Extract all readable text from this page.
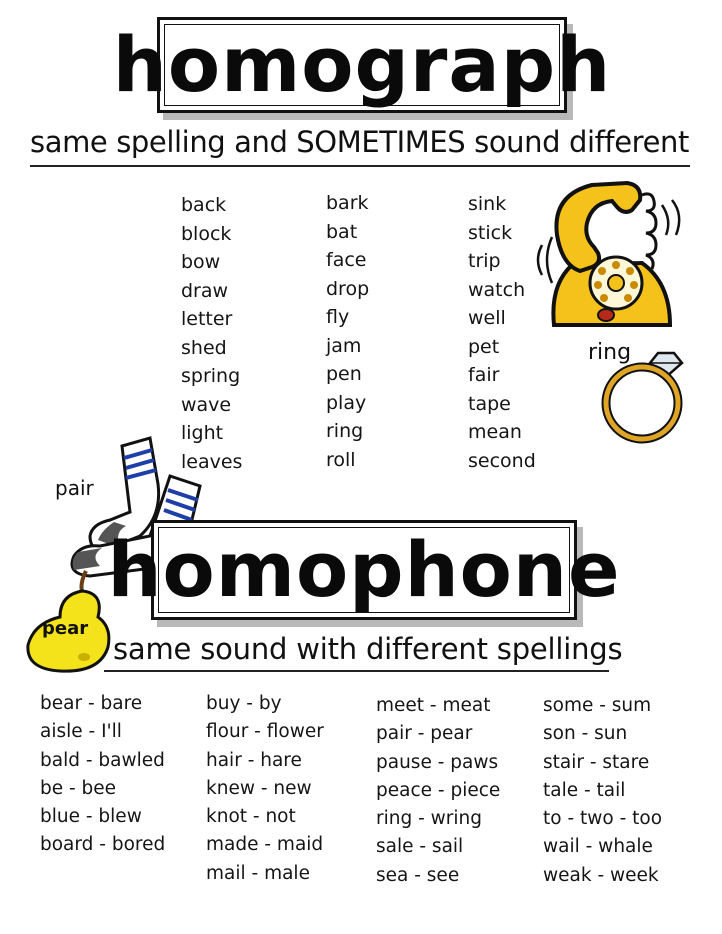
homograph
same spelling and SOMETIMES sound different
back
block
bow
draw
letter
shed
spring
wave
light
leaves
bark
bat
face
drop
fly
jam
pen
play
ring
roll
sink
stick
trip
watch
well
pet
fair
tape
mean
second
ring
pair
homophone
pear
same sound with different spellings
bear - bare
aisle - I'll
bald - bawled
be - bee
blue - blew
board - bored
buy - by
flour - flower
hair - hare
knew - new
knot - not
made - maid
mail - male
meet - meat
pair - pear
pause - paws
peace - piece
ring - wring
sale - sail
sea - see
some - sum
son - sun
stair - stare
tale - tail
to - two - too
wail - whale
weak - week
